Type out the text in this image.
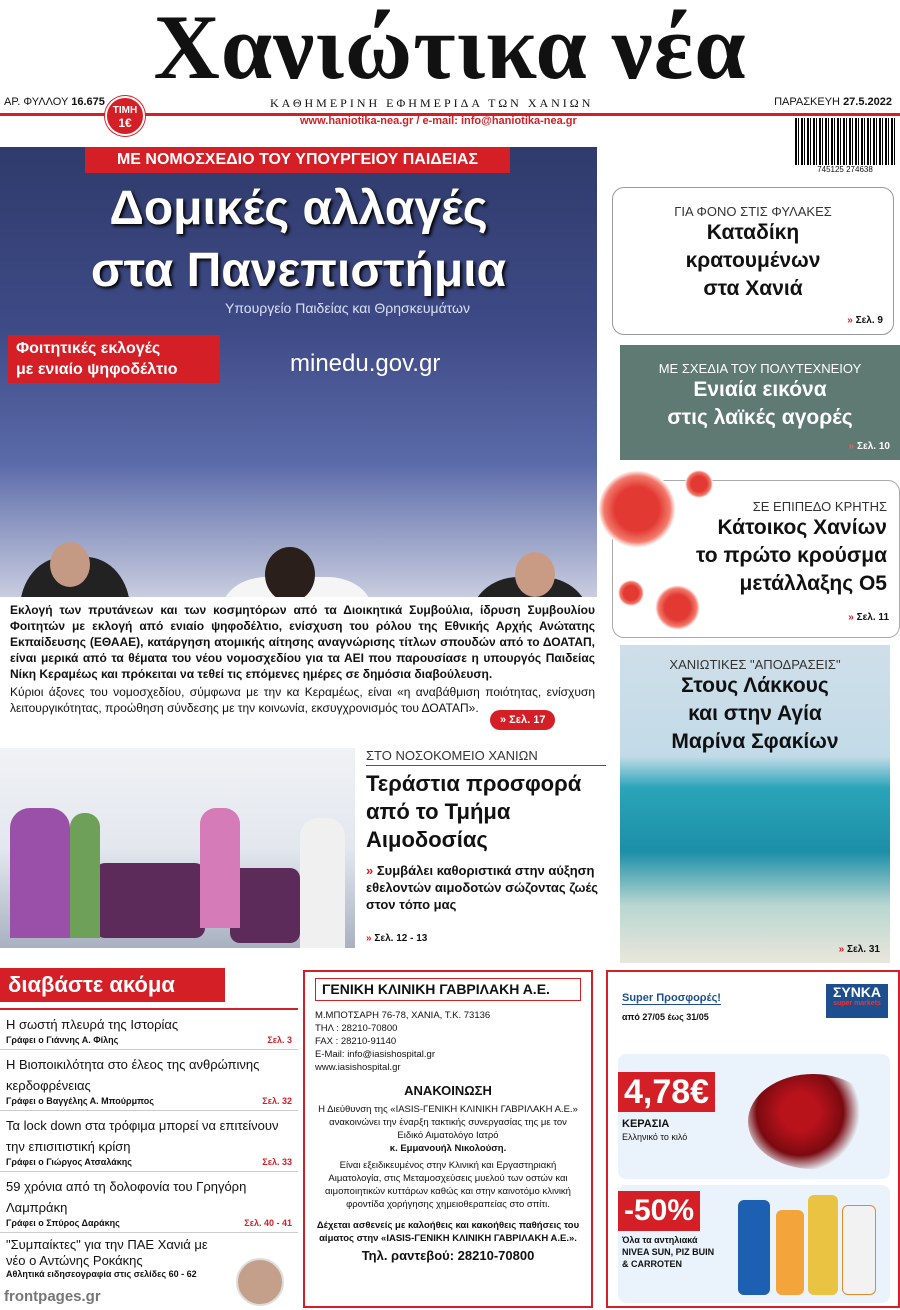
Χανιώτικα νέα
ΑΡ. ΦΥΛΛΟΥ 16.675	ΚΑΘΗΜΕΡΙΝΗ ΕΦΗΜΕΡΙΔΑ ΤΩΝ ΧΑΝΙΩΝ	ΠΑΡΑΣΚΕΥΗ 27.5.2022
ΤΙΜΗ
1€	www.haniotika-nea.gr / e-mail: info@haniotika-nea.gr
745125 274638
ΜΕ ΝΟΜΟΣΧΕΔΙΟ ΤΟΥ ΥΠΟΥΡΓΕΙΟΥ ΠΑΙΔΕΙΑΣ
Δομικές αλλαγές
στα Πανεπιστήμια
Υπουργείο Παιδείας και Θρησκευμάτων
Φοιτητικές εκλογές
με ενιαίο ψηφοδέλτιο	minedu.gov.gr
Εκλογή των πρυτάνεων και των κοσμητόρων από τα Διοικητικά Συμβούλια, ίδρυση Συμβουλίου Φοιτητών με εκλογή από ενιαίο ψηφοδέλτιο, ενίσχυση του ρόλου της Εθνικής Αρχής Ανώτατης Εκπαίδευσης (ΕΘΑΑΕ), κατάργηση ατομικής αίτησης αναγνώρισης τίτλων σπουδών από το ΔΟΑΤΑΠ, είναι μερικά από τα θέματα του νέου νομοσχεδίου για τα ΑΕΙ που παρουσίασε η υπουργός Παιδείας Νίκη Κεραμέως και πρόκειται να τεθεί τις επόμενες ημέρες σε δημόσια διαβούλευση.
Κύριοι άξονες του νομοσχεδίου, σύμφωνα με την κα Κεραμέως, είναι «η αναβάθμιση ποιότητας, ενίσχυση λειτουργικότητας, προώθηση σύνδεσης με την κοινωνία, εκσυγχρονισμός του ΔΟΑΤΑΠ».
» Σελ. 17
ΓΙΑ ΦΟΝΟ ΣΤΙΣ ΦΥΛΑΚΕΣ
Καταδίκη
κρατουμένων
στα Χανιά
» Σελ. 9
ΜΕ ΣΧΕΔΙΑ ΤΟΥ ΠΟΛΥΤΕΧΝΕΙΟΥ
Ενιαία εικόνα
στις λαϊκές αγορές
» Σελ. 10
ΣΕ ΕΠΙΠΕΔΟ ΚΡΗΤΗΣ
Κάτοικος Χανίων
το πρώτο κρούσμα
μετάλλαξης Ο5
» Σελ. 11
ΧΑΝΙΩΤΙΚΕΣ "ΑΠΟΔΡΑΣΕΙΣ"
Στους Λάκκους
και στην Αγία
Μαρίνα Σφακίων
» Σελ. 31
ΣΤΟ ΝΟΣΟΚΟΜΕΙΟ ΧΑΝΙΩΝ
Τεράστια προσφορά
από το Τμήμα
Αιμοδοσίας
» Συμβάλει καθοριστικά στην αύξηση εθελοντών αιμοδοτών σώζοντας ζωές στον τόπο μας
» Σελ. 12 - 13
διαβάστε ακόμα
Η σωστή πλευρά της Ιστορίας
Γράφει ο Γιάννης Α. Φίλης	Σελ. 3
Η Βιοποικιλότητα στο έλεος της ανθρώπινης κερδοφρένειας
Γράφει ο Βαγγέλης Α. Μπούρμπος	Σελ. 32
Τα lock down στα τρόφιμα μπορεί να επιτείνουν την επισιτιστική κρίση
Γράφει ο Γιώργος Ατσαλάκης	Σελ. 33
59 χρόνια από τη δολοφονία του Γρηγόρη Λαμπράκη
Γράφει ο Σπύρος Δαράκης	Σελ. 40 - 41
"Συμπαίκτες" για την ΠΑΕ Χανιά με νέο ο Αντώνης Ροκάκης
Αθλητικά ειδησεογραφία στις σελίδες 60 - 62
ΓΕΝΙΚΗ ΚΛΙΝΙΚΗ ΓΑΒΡΙΛΑΚΗ Α.Ε.
Μ.ΜΠΟΤΣΑΡΗ 76-78, ΧΑΝΙΑ, Τ.Κ. 73136
ΤΗΛ : 28210-70800
FAX : 28210-91140
E-Mail: info@iasishospital.gr
www.iasishospital.gr
ΑΝΑΚΟΙΝΩΣΗ
Η Διεύθυνση της «IASIS-ΓΕΝΙΚΗ ΚΛΙΝΙΚΗ ΓΑΒΡΙΛΑΚΗ Α.Ε.» ανακοινώνει την έναρξη τακτικής συνεργασίας της με τον Ειδικό Αιματολόγο Ιατρό
κ. Εμμανουήλ Νικολούση.
Είναι εξειδικευμένος στην Κλινική και Εργαστηριακή Αιματολογία, στις Μεταμοσχεύσεις μυελού των οστών και αιμοποιητικών κυττάρων καθώς και στην καινοτόμο κλινική φροντίδα χορήγησης χημειοθεραπείας στο σπίτι.
Δέχεται ασθενείς με καλοήθεις και κακοήθεις παθήσεις του αίματος στην «IASIS-ΓΕΝΙΚΗ ΚΛΙΝΙΚΗ ΓΑΒΡΙΛΑΚΗ Α.Ε.».
Τηλ. ραντεβού: 28210-70800
Super Προσφορές!
από 27/05 έως 31/05
ΣΥΝΚΑ
super markets
4,78€
ΚΕΡΑΣΙΑ
Ελληνικό το κιλό
-50%
Όλα τα αντηλιακά
NIVEA SUN, PIZ BUIN
& CARROTEN
frontpages.gr
